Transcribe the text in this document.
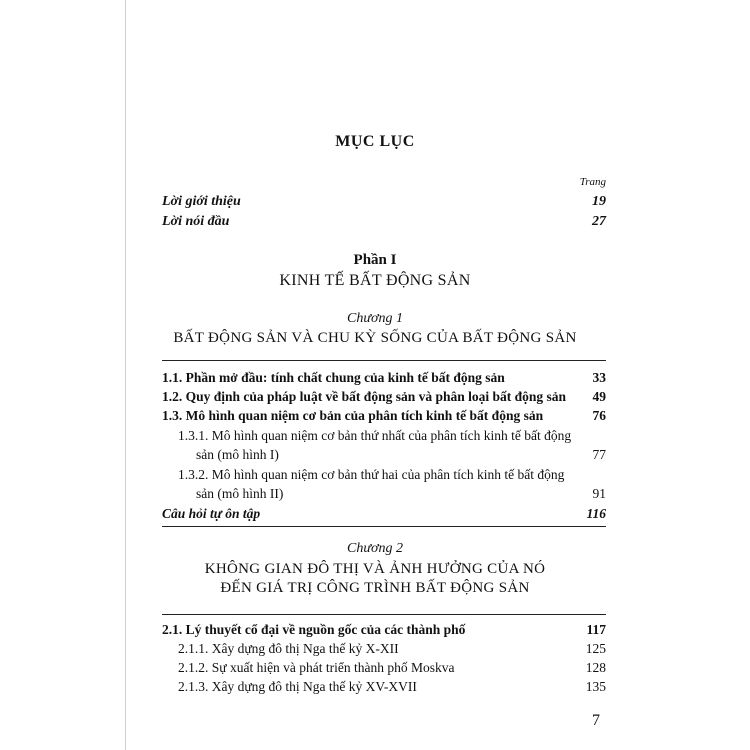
MỤC LỤC
Trang
Lời giới thiệu	19
Lời nói đầu	27
Phần I
KINH TẾ BẤT ĐỘNG SẢN
Chương 1
BẤT ĐỘNG SẢN VÀ CHU KỲ SỐNG CỦA BẤT ĐỘNG SẢN
1.1. Phần mở đầu: tính chất chung của kinh tế bất động sản	33
1.2. Quy định của pháp luật về bất động sản và phân loại bất động sản	49
1.3. Mô hình quan niệm cơ bản của phân tích kinh tế bất động sản	76
1.3.1. Mô hình quan niệm cơ bản thứ nhất của phân tích kinh tế bất động
sản (mô hình I)	77
1.3.2. Mô hình quan niệm cơ bản thứ hai của phân tích kinh tế bất động
sản (mô hình II)	91
Câu hỏi tự ôn tập	116
Chương 2
KHÔNG GIAN ĐÔ THỊ VÀ ẢNH HƯỞNG CỦA NÓ
ĐẾN GIÁ TRỊ CÔNG TRÌNH BẤT ĐỘNG SẢN
2.1. Lý thuyết cổ đại về nguồn gốc của các thành phố	117
2.1.1. Xây dựng đô thị Nga thế kỷ X-XII	125
2.1.2. Sự xuất hiện và phát triển thành phố Moskva	128
2.1.3. Xây dựng đô thị Nga thế kỷ XV-XVII	135
7
